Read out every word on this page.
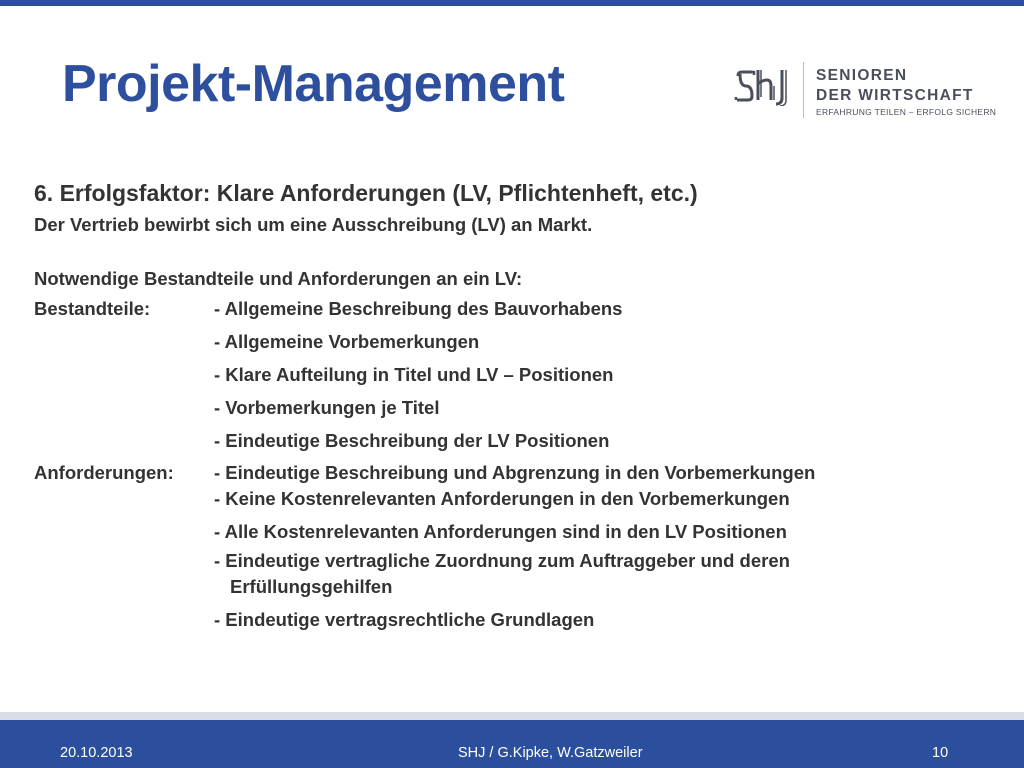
Projekt-Management	SENIOREN
DER WIRTSCHAFT
ERFAHRUNG TEILEN – ERFOLG SICHERN
6. Erfolgsfaktor: Klare Anforderungen (LV, Pflichtenheft, etc.)
Der Vertrieb bewirbt sich um eine Ausschreibung (LV) an Markt.
Notwendige Bestandteile und Anforderungen an ein LV:
Bestandteile:	- Allgemeine Beschreibung des Bauvorhabens
- Allgemeine Vorbemerkungen
- Klare Aufteilung in Titel und LV – Positionen
- Vorbemerkungen je Titel
- Eindeutige Beschreibung der LV Positionen
Anforderungen: - Eindeutige Beschreibung und Abgrenzung in den Vorbemerkungen
- Keine Kostenrelevanten Anforderungen in den Vorbemerkungen
- Alle Kostenrelevanten Anforderungen sind in den LV Positionen
- Eindeutige vertragliche Zuordnung zum Auftraggeber und deren
Erfüllungsgehilfen
- Eindeutige vertragsrechtliche Grundlagen
20.10.2013	SHJ / G.Kipke, W.Gatzweiler	10
